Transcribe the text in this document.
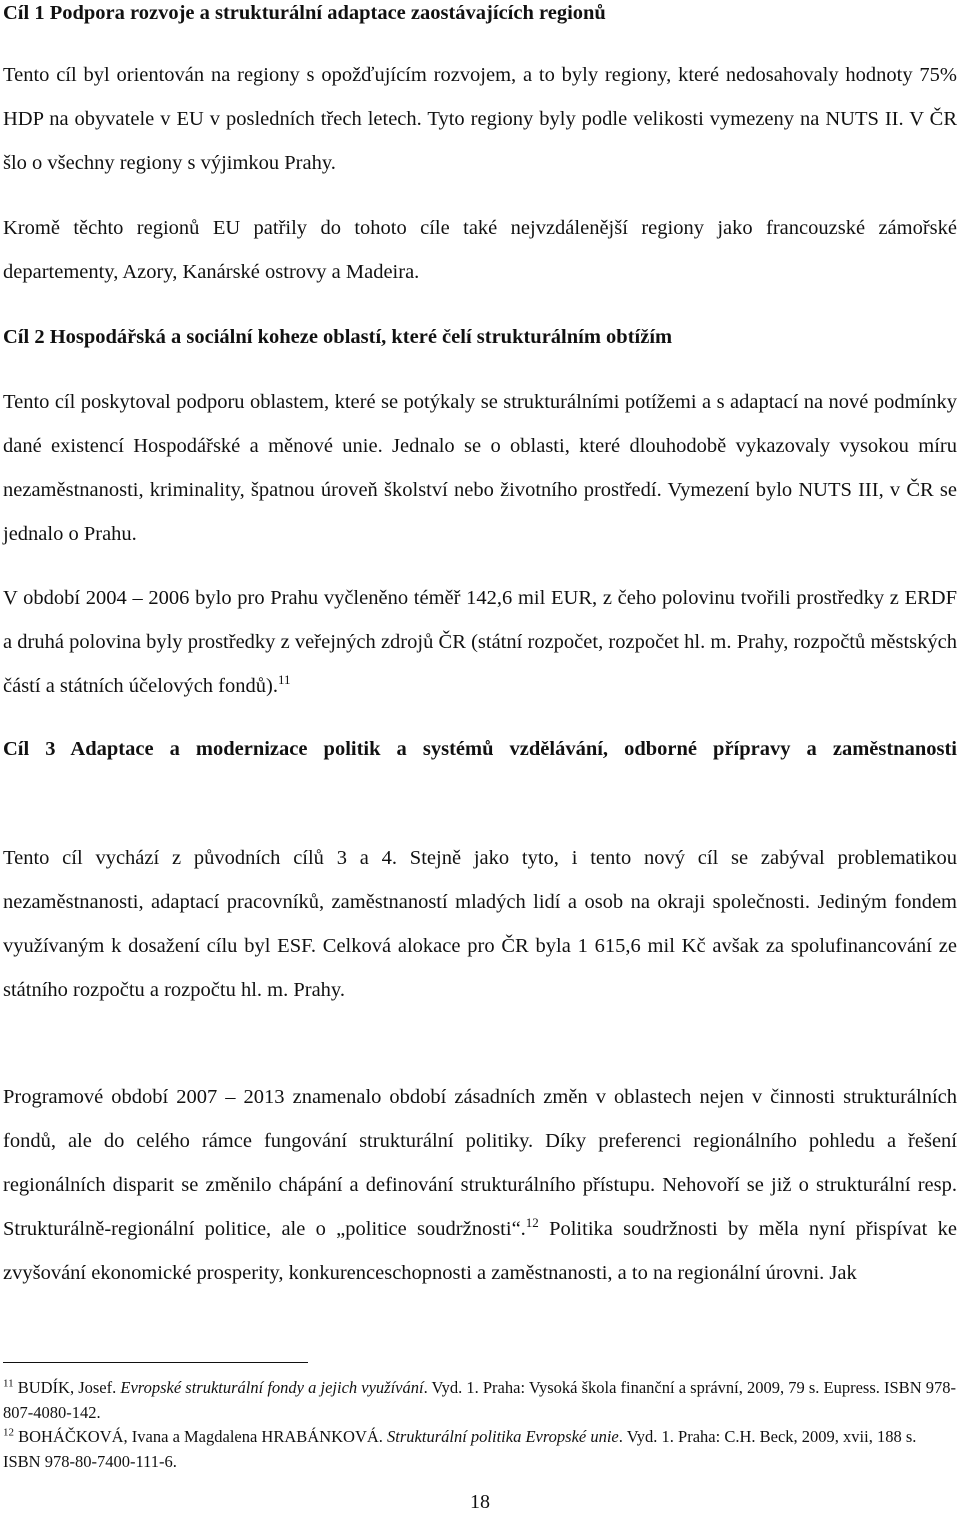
Cíl 1 Podpora rozvoje a strukturální adaptace zaostávajících regionů

Tento cíl byl orientován na regiony s opožďujícím rozvojem, a to byly regiony, které nedosahovaly hodnoty 75% HDP na obyvatele v EU v posledních třech letech. Tyto regiony byly podle velikosti vymezeny na NUTS II. V ČR šlo o všechny regiony s výjimkou Prahy.

Kromě těchto regionů EU patřily do tohoto cíle také nejvzdálenější regiony jako francouzské zámořské departementy, Azory, Kanárské ostrovy a Madeira.

Cíl 2 Hospodářská a sociální koheze oblastí, které čelí strukturálním obtížím

Tento cíl poskytoval podporu oblastem, které se potýkaly se strukturálními potížemi a s adaptací na nové podmínky dané existencí Hospodářské a měnové unie. Jednalo se o oblasti, které dlouhodobě vykazovaly vysokou míru nezaměstnanosti, kriminality, špatnou úroveň školství nebo životního prostředí. Vymezení bylo NUTS III, v ČR se jednalo o Prahu.

V období 2004 – 2006 bylo pro Prahu vyčleněno téměř 142,6 mil EUR, z čeho polovinu tvořili prostředky z ERDF a druhá polovina byly prostředky z veřejných zdrojů ČR (státní rozpočet, rozpočet hl. m. Prahy, rozpočtů městských částí a státních účelových fondů).$^{11}$

Cíl 3 Adaptace a modernizace politik a systémů vzdělávání, odborné přípravy a zaměstnanosti

Tento cíl vychází z původních cílů 3 a 4. Stejně jako tyto, i tento nový cíl se zabýval problematikou nezaměstnanosti, adaptací pracovníků, zaměstnaností mladých lidí a osob na okraji společnosti. Jediným fondem využívaným k dosažení cílu byl ESF. Celková alokace pro ČR byla 1 615,6 mil Kč avšak za spolufinancování ze státního rozpočtu a rozpočtu hl. m. Prahy.

Programové období 2007 – 2013 znamenalo období zásadních změn v oblastech nejen v činnosti strukturálních fondů, ale do celého rámce fungování strukturální politiky. Díky preferenci regionálního pohledu a řešení regionálních disparit se změnilo chápání a definování strukturálního přístupu. Nehovoří se již o strukturální resp. Strukturálně-regionální politice, ale o „politice soudržnosti“.$^{12}$ Politika soudržnosti by měla nyní přispívat ke zvyšování ekonomické prosperity, konkurenceschopnosti a zaměstnanosti, a to na regionální úrovni. Jak

$^{11}$ BUDÍK, Josef. Evropské strukturální fondy a jejich využívání. Vyd. 1. Praha: Vysoká škola finanční a správní, 2009, 79 s. Eupress. ISBN 978-807-4080-142.

$^{12}$ BOHÁČKOVÁ, Ivana a Magdalena HRABÁNKOVÁ. Strukturální politika Evropské unie. Vyd. 1. Praha: C.H. Beck, 2009, xvii, 188 s. ISBN 978-80-7400-111-6.

18
